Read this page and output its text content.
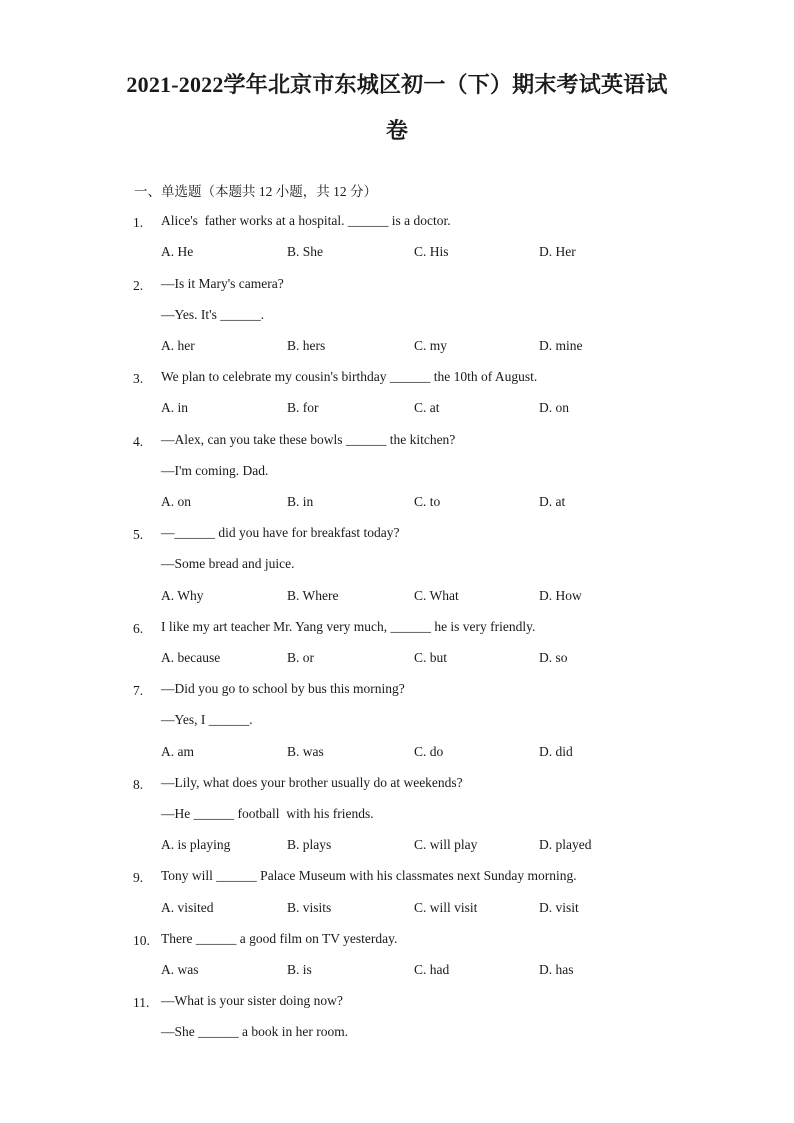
2021-2022学年北京市东城区初一（下）期末考试英语试
卷
一、单选题（本题共 12 小题，共 12 分）
1. Alice's  father works at a hospital. ______ is a doctor.
A. He	B. She	C. His	D. Her
2. —Is it Mary's camera?
—Yes. It's ______.
A. her	B. hers	C. my	D. mine
3. We plan to celebrate my cousin's birthday ______ the 10th of August.
A. in	B. for	C. at	D. on
4. —Alex, can you take these bowls ______ the kitchen?
—I'm coming. Dad.
A. on	B. in	C. to	D. at
5. —______ did you have for breakfast today?
—Some bread and juice.
A. Why	B. Where	C. What	D. How
6. I like my art teacher Mr. Yang very much, ______ he is very friendly.
A. because	B. or	C. but	D. so
7. —Did you go to school by bus this morning?
—Yes, I ______.
A. am	B. was	C. do	D. did
8. —Lily, what does your brother usually do at weekends?
—He ______ football  with his friends.
A. is playing	B. plays	C. will play	D. played
9. Tony will ______ Palace Museum with his classmates next Sunday morning.
A. visited	B. visits	C. will visit	D. visit
10. There ______ a good film on TV yesterday.
A. was	B. is	C. had	D. has
11. —What is your sister doing now?
—She ______ a book in her room.
